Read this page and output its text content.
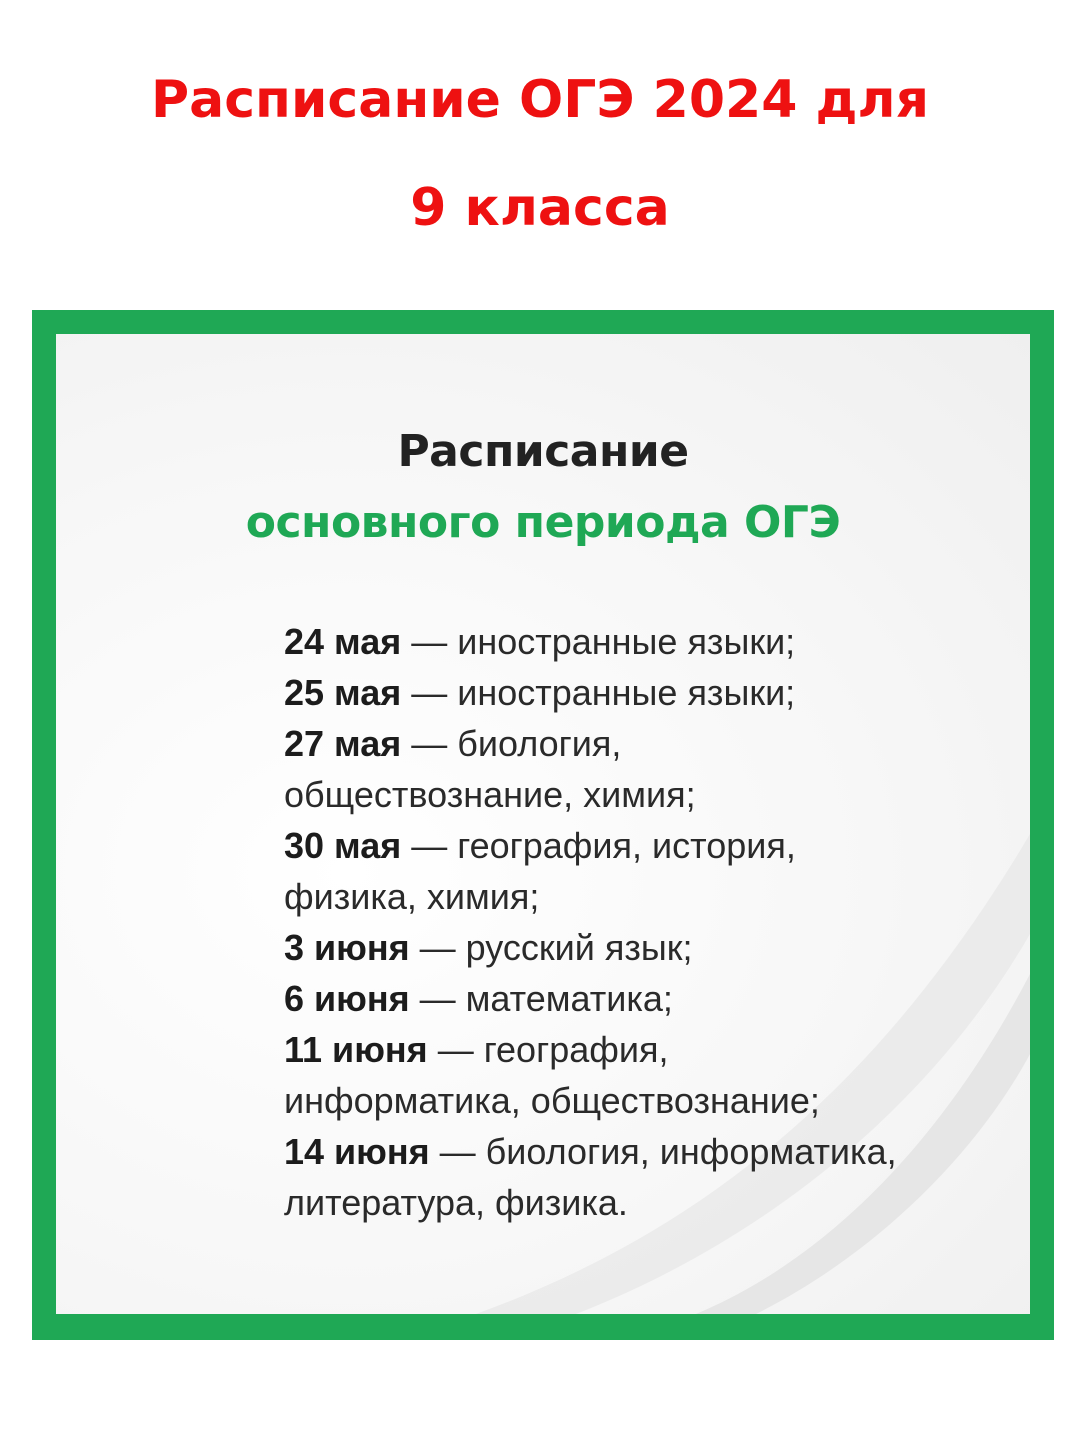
Расписание ОГЭ 2024 для 9 класса
Расписание
основного периода ОГЭ
24 мая — иностранные языки;
25 мая — иностранные языки;
27 мая — биология, обществознание, химия;
30 мая — география, история, физика, химия;
3 июня — русский язык;
6 июня — математика;
11 июня — география, информатика, обществознание;
14 июня — биология, информатика, литература, физика.
